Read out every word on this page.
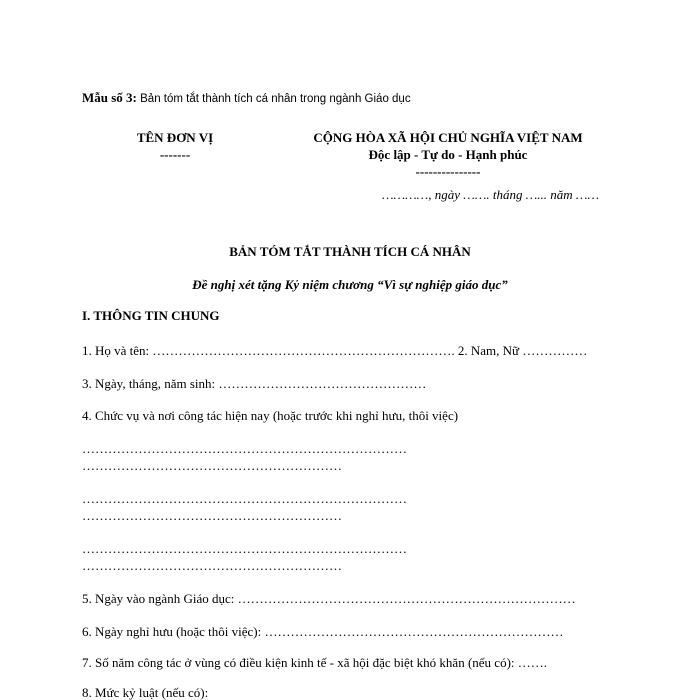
Mẫu số 3: Bản tóm tắt thành tích cá nhân trong ngành Giáo dục
TÊN ĐƠN VỊ
-------
CỘNG HÒA XÃ HỘI CHỦ NGHĨA VIỆT NAM
Độc lập - Tự do - Hạnh phúc
---------------
…………, ngày ……. tháng …... năm ……
BẢN TÓM TẮT THÀNH TÍCH CÁ NHÂN
Đề nghị xét tặng Kỷ niệm chương “Vì sự nghiệp giáo dục”
I. THÔNG TIN CHUNG
1. Họ và tên: ……………………………………………………………. 2. Nam, Nữ ……………
3. Ngày, tháng, năm sinh: …………………………………………
4. Chức vụ và nơi công tác hiện nay (hoặc trước khi nghỉ hưu, thôi việc)
…………………………………………………………………
……………………………………………………
…………………………………………………………………
……………………………………………………
…………………………………………………………………
……………………………………………………
5. Ngày vào ngành Giáo dục: ……………………………………………………………………
6. Ngày nghỉ hưu (hoặc thôi việc): ……………………………………………………………
7. Số năm công tác ở vùng có điều kiện kinh tế - xã hội đặc biệt khó khăn (nếu có): …….
8. Mức kỷ luật (nếu có):
